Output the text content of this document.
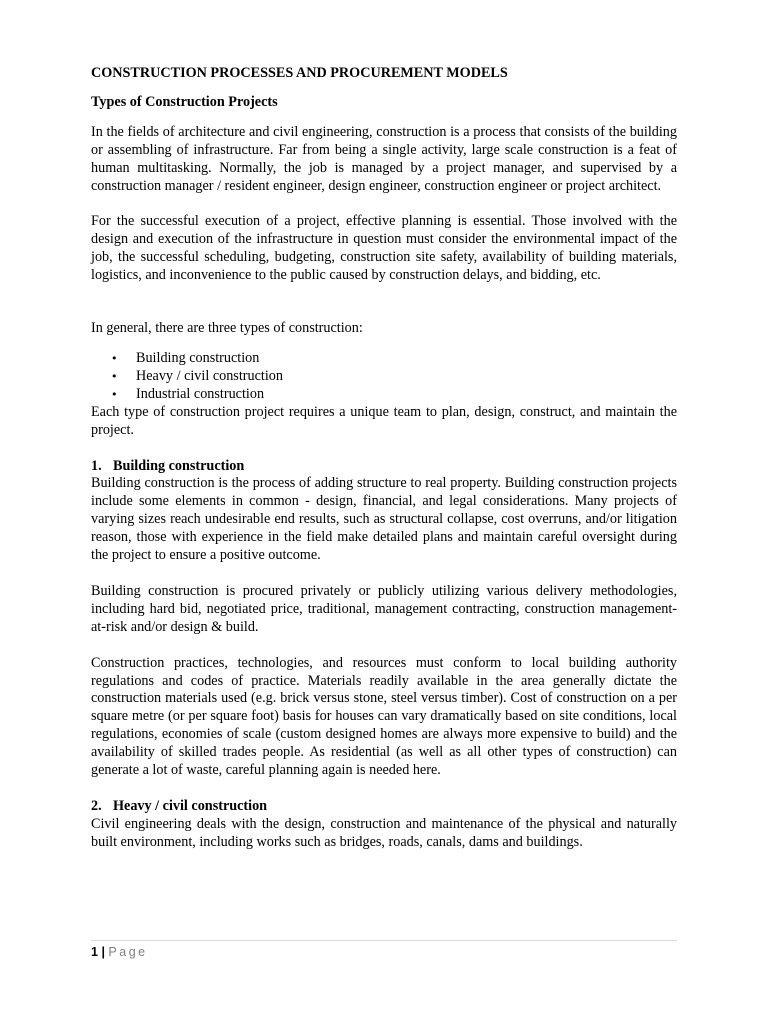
CONSTRUCTION PROCESSES AND PROCUREMENT MODELS
Types of Construction Projects

In the fields of architecture and civil engineering, construction is a process that consists of the building or assembling of infrastructure. Far from being a single activity, large scale construction is a feat of human multitasking. Normally, the job is managed by a project manager, and supervised by a construction manager / resident engineer, design engineer, construction engineer or project architect.

For the successful execution of a project, effective planning is essential. Those involved with the design and execution of the infrastructure in question must consider the environmental impact of the job, the successful scheduling, budgeting, construction site safety, availability of building materials, logistics, and inconvenience to the public caused by construction delays, and bidding, etc.

In general, there are three types of construction:

• Building construction
• Heavy / civil construction
• Industrial construction

Each type of construction project requires a unique team to plan, design, construct, and maintain the project.

1. Building construction

Building construction is the process of adding structure to real property. Building construction projects include some elements in common - design, financial, and legal considerations. Many projects of varying sizes reach undesirable end results, such as structural collapse, cost overruns, and/or litigation reason, those with experience in the field make detailed plans and maintain careful oversight during the project to ensure a positive outcome.

Building construction is procured privately or publicly utilizing various delivery methodologies, including hard bid, negotiated price, traditional, management contracting, construction management-at-risk and/or design & build.

Construction practices, technologies, and resources must conform to local building authority regulations and codes of practice. Materials readily available in the area generally dictate the construction materials used (e.g. brick versus stone, steel versus timber). Cost of construction on a per square metre (or per square foot) basis for houses can vary dramatically based on site conditions, local regulations, economies of scale (custom designed homes are always more expensive to build) and the availability of skilled trades people. As residential (as well as all other types of construction) can generate a lot of waste, careful planning again is needed here.

2. Heavy / civil construction

Civil engineering deals with the design, construction and maintenance of the physical and naturally built environment, including works such as bridges, roads, canals, dams and buildings.

1 | Page
